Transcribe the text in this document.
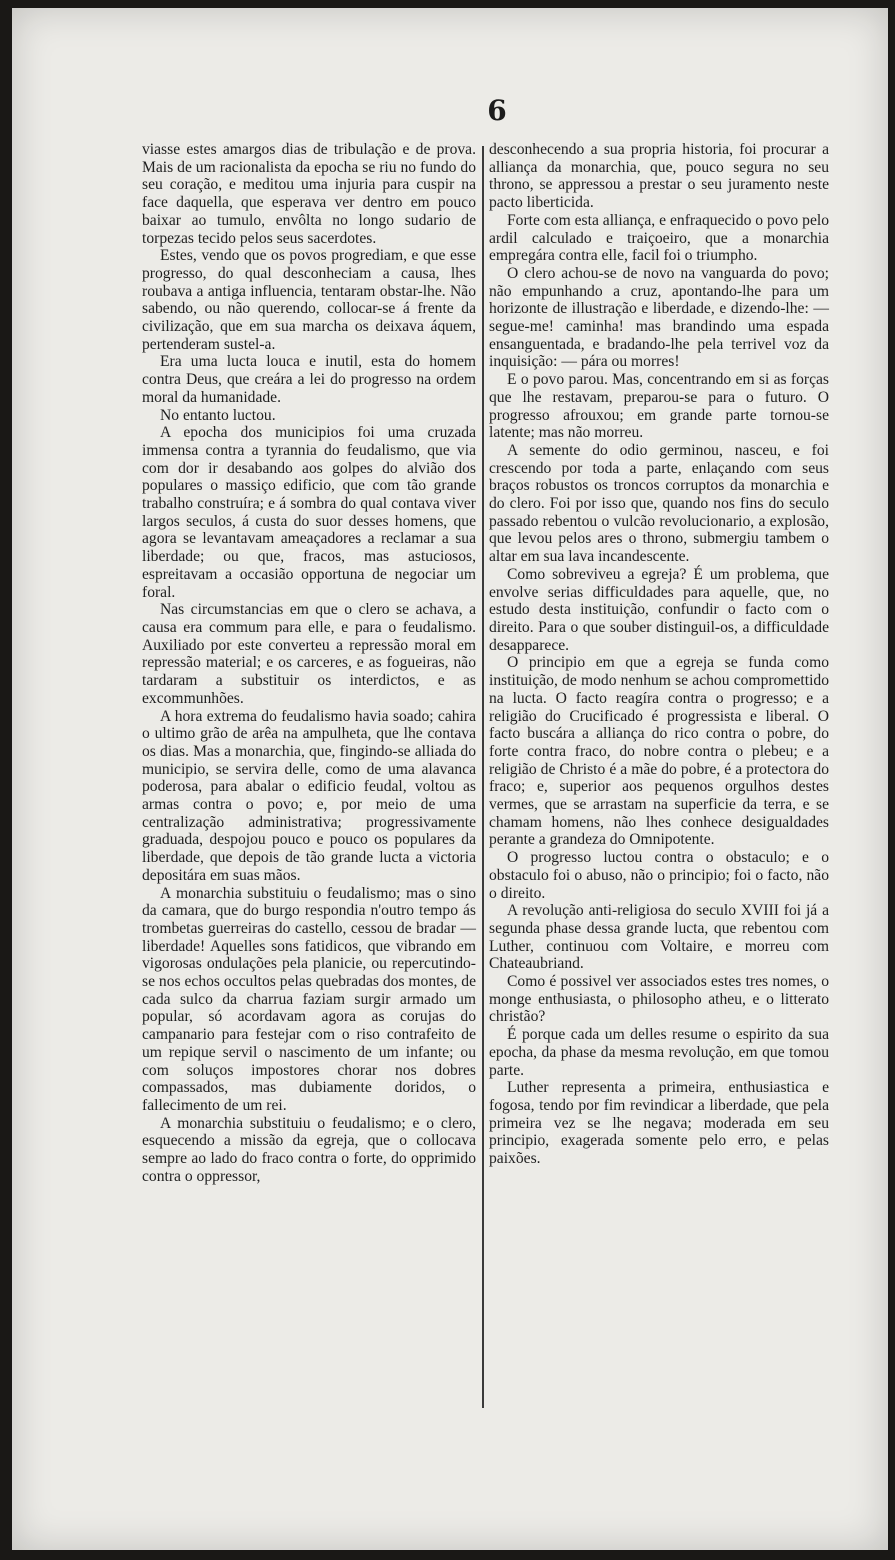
6

viasse estes amargos dias de tribulação e de prova. Mais de um racionalista da epocha se riu no fundo do seu coração, e meditou uma injuria para cuspir na face daquella, que esperava ver dentro em pouco baixar ao tumulo, envôlta no longo sudario de torpezas tecido pelos seus sacerdotes.

Estes, vendo que os povos progrediam, e que esse progresso, do qual desconheciam a causa, lhes roubava a antiga influencia, tentaram obstar-lhe. Não sabendo, ou não querendo, collocar-se á frente da civilização, que em sua marcha os deixava áquem, pertenderam sustel-a.

Era uma lucta louca e inutil, esta do homem contra Deus, que creára a lei do progresso na ordem moral da humanidade.

No entanto luctou.

A epocha dos municipios foi uma cruzada immensa contra a tyrannia do feudalismo, que via com dor ir desabando aos golpes do alvião dos populares o massiço edificio, que com tão grande trabalho construíra; e á sombra do qual contava viver largos seculos, á custa do suor desses homens, que agora se levantavam ameaçadores a reclamar a sua liberdade; ou que, fracos, mas astuciosos, espreitavam a occasião opportuna de negociar um foral.

Nas circumstancias em que o clero se achava, a causa era commum para elle, e para o feudalismo. Auxiliado por este converteu a repressão moral em repressão material; e os carceres, e as fogueiras, não tardaram a substituir os interdictos, e as excommunhões.

A hora extrema do feudalismo havia soado; cahira o ultimo grão de arêa na ampulheta, que lhe contava os dias. Mas a monarchia, que, fingindo-se alliada do municipio, se servira delle, como de uma alavanca poderosa, para abalar o edificio feudal, voltou as armas contra o povo; e, por meio de uma centralização administrativa; progressivamente graduada, despojou pouco e pouco os populares da liberdade, que depois de tão grande lucta a victoria depositára em suas mãos.

A monarchia substituiu o feudalismo; mas o sino da camara, que do burgo respondia n'outro tempo ás trombetas guerreiras do castello, cessou de bradar — liberdade! Aquelles sons fatidicos, que vibrando em vigorosas ondulações pela planicie, ou repercutindo-se nos echos occultos pelas quebradas dos montes, de cada sulco da charrua faziam surgir armado um popular, só acordavam agora as corujas do campanario para festejar com o riso contrafeito de um repique servil o nascimento de um infante; ou com soluços impostores chorar nos dobres compassados, mas dubiamente doridos, o fallecimento de um rei.

A monarchia substituiu o feudalismo; e o clero, esquecendo a missão da egreja, que o collocava sempre ao lado do fraco contra o forte, do opprimido contra o oppressor,

desconhecendo a sua propria historia, foi procurar a alliança da monarchia, que, pouco segura no seu throno, se appressou a prestar o seu juramento neste pacto liberticida.

Forte com esta alliança, e enfraquecido o povo pelo ardil calculado e traiçoeiro, que a monarchia empregára contra elle, facil foi o triumpho.

O clero achou-se de novo na vanguarda do povo; não empunhando a cruz, apontando-lhe para um horizonte de illustração e liberdade, e dizendo-lhe: — segue-me! caminha! mas brandindo uma espada ensanguentada, e bradando-lhe pela terrivel voz da inquisição: — pára ou morres!

E o povo parou. Mas, concentrando em si as forças que lhe restavam, preparou-se para o futuro. O progresso afrouxou; em grande parte tornou-se latente; mas não morreu.

A semente do odio germinou, nasceu, e foi crescendo por toda a parte, enlaçando com seus braços robustos os troncos corruptos da monarchia e do clero. Foi por isso que, quando nos fins do seculo passado rebentou o vulcão revolucionario, a explosão, que levou pelos ares o throno, submergiu tambem o altar em sua lava incandescente.

Como sobreviveu a egreja? É um problema, que envolve serias difficuldades para aquelle, que, no estudo desta instituição, confundir o facto com o direito. Para o que souber distinguil-os, a difficuldade desapparece.

O principio em que a egreja se funda como instituição, de modo nenhum se achou compromettido na lucta. O facto reagíra contra o progresso; e a religião do Crucificado é progressista e liberal. O facto buscára a alliança do rico contra o pobre, do forte contra fraco, do nobre contra o plebeu; e a religião de Christo é a mãe do pobre, é a protectora do fraco; e, superior aos pequenos orgulhos destes vermes, que se arrastam na superficie da terra, e se chamam homens, não lhes conhece desigualdades perante a grandeza do Omnipotente.

O progresso luctou contra o obstaculo; e o obstaculo foi o abuso, não o principio; foi o facto, não o direito.

A revolução anti-religiosa do seculo XVIII foi já a segunda phase dessa grande lucta, que rebentou com Luther, continuou com Voltaire, e morreu com Chateaubriand.

Como é possivel ver associados estes tres nomes, o monge enthusiasta, o philosopho atheu, e o litterato christão?

É porque cada um delles resume o espirito da sua epocha, da phase da mesma revolução, em que tomou parte.

Luther representa a primeira, enthusiastica e fogosa, tendo por fim revindicar a liberdade, que pela primeira vez se lhe negava; moderada em seu principio, exagerada somente pelo erro, e pelas paixões.
